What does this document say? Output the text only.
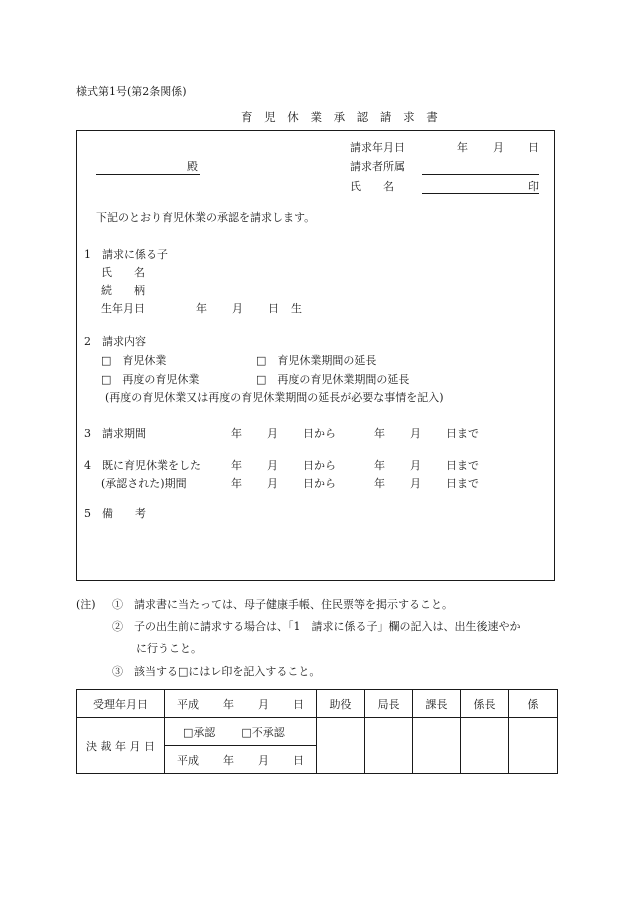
様式第1号(第2条関係)
育 児 休 業 承 認 請 求 書
請求年月日	年 月 日
殿	請求者所属
氏　　名	印
下記のとおり育児休業の承認を請求します。
1　請求に係る子
氏　　名
続　　柄
生年月日	年 月 日 生
2　請求内容
□　育児休業	□　育児休業期間の延長
□　再度の育児休業	□　再度の育児休業期間の延長
(再度の育児休業又は再度の育児休業期間の延長が必要な事情を記入)
3　請求期間	年 月 日から	年 月 日まで
4　既に育児休業をした	年 月 日から	年 月 日まで
(承認された)期間	年 月 日から	年 月 日まで
5　備　　考
(注) ①　請求書に当たっては、母子健康手帳、住民票等を掲示すること。
②　子の出生前に請求する場合は、「1　請求に係る子」欄の記入は、出生後速やか
に行うこと。
③　該当する□にはレ印を記入すること。
受理年月日	平成 年 月 日	助役	局長	課長	係長	係
決 裁 年 月 日	□承認 □不承認					
	平成 年 月 日					
